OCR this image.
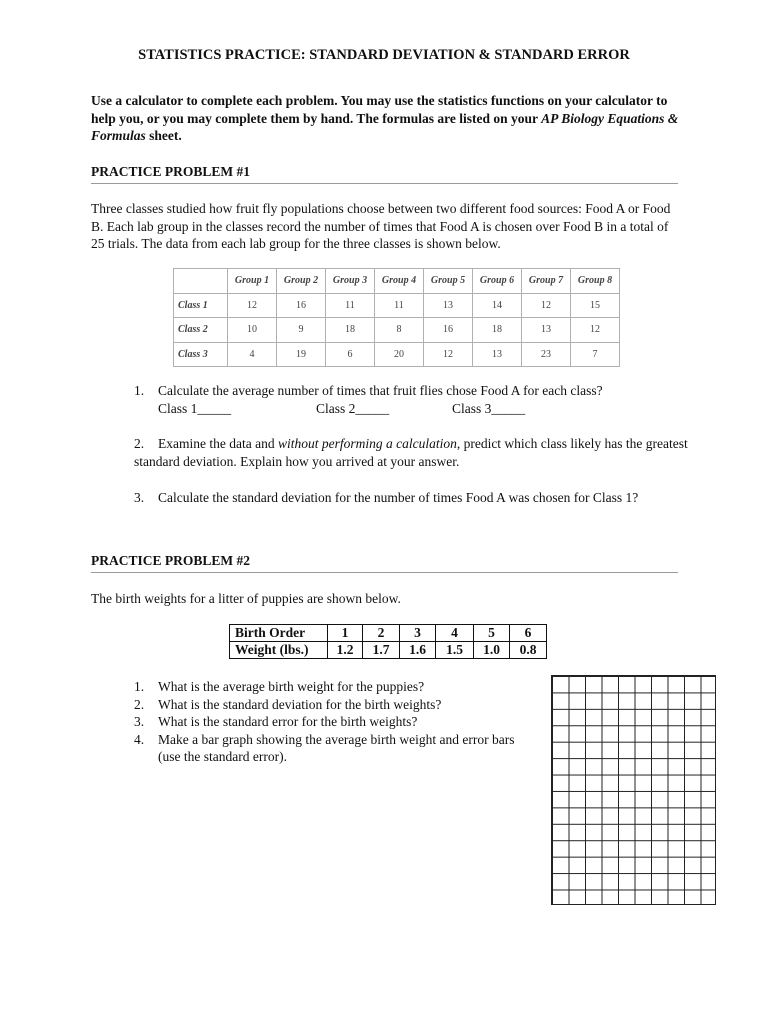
STATISTICS PRACTICE: STANDARD DEVIATION & STANDARD ERROR
Use a calculator to complete each problem. You may use the statistics functions on your calculator to help you, or you may complete them by hand. The formulas are listed on your AP Biology Equations & Formulas sheet.
PRACTICE PROBLEM #1
Three classes studied how fruit fly populations choose between two different food sources: Food A or Food B. Each lab group in the classes record the number of times that Food A is chosen over Food B in a total of 25 trials. The data from each lab group for the three classes is shown below.
	Group 1	Group 2	Group 3	Group 4	Group 5	Group 6	Group 7	Group 8
Class 1	12	16	11	11	13	14	12	15
Class 2	10	9	18	8	16	18	13	12
Class 3	4	19	6	20	12	13	23	7
1. Calculate the average number of times that fruit flies chose Food A for each class?
Class 1_____	Class 2_____	Class 3_____
2. Examine the data and without performing a calculation, predict which class likely has the greatest standard deviation. Explain how you arrived at your answer.
3. Calculate the standard deviation for the number of times Food A was chosen for Class 1?
PRACTICE PROBLEM #2
The birth weights for a litter of puppies are shown below.
Birth Order	1	2	3	4	5	6
Weight (lbs.)	1.2	1.7	1.6	1.5	1.0	0.8
1. What is the average birth weight for the puppies?
2. What is the standard deviation for the birth weights?
3. What is the standard error for the birth weights?
4. Make a bar graph showing the average birth weight and error bars
(use the standard error).
